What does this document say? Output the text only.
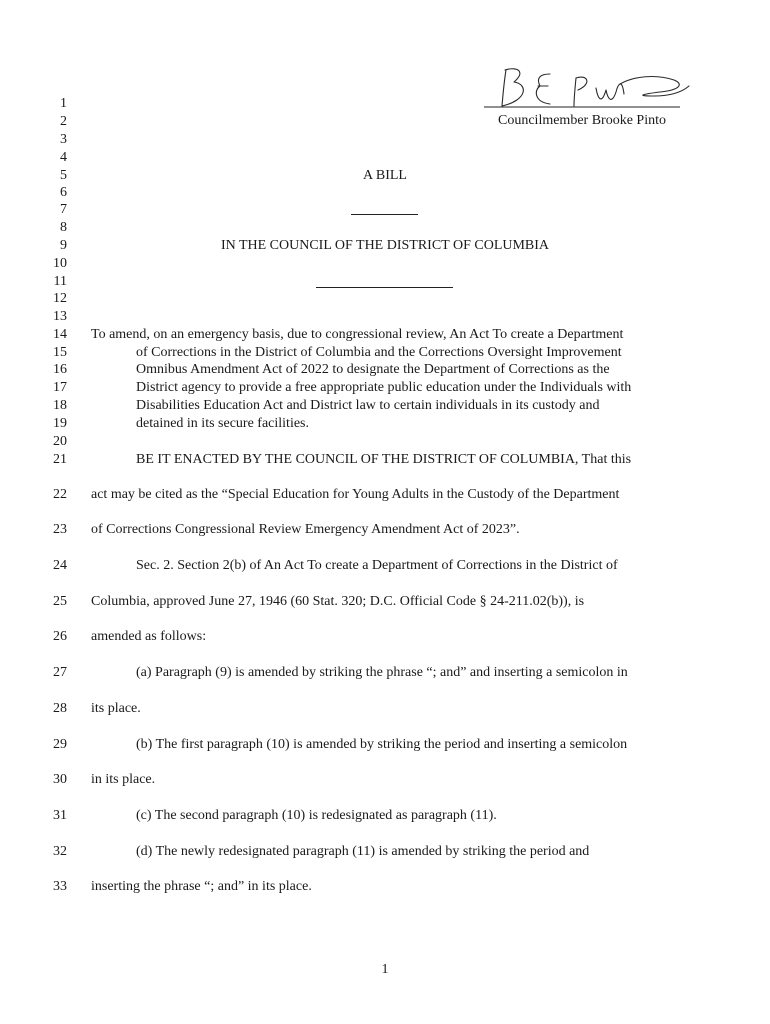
Councilmember Brooke Pinto
1
2
3
4
5
6
7
8
9
10
11
12
13
14
15
16
17
18
19
20
21
22
23
24
25
26
27
28
29
30
31
32
33
A BILL
IN THE COUNCIL OF THE DISTRICT OF COLUMBIA
To amend, on an emergency basis, due to congressional review, An Act To create a Department
of Corrections in the District of Columbia and the Corrections Oversight Improvement
Omnibus Amendment Act of 2022 to designate the Department of Corrections as the
District agency to provide a free appropriate public education under the Individuals with
Disabilities Education Act and District law to certain individuals in its custody and
detained in its secure facilities.
BE IT ENACTED BY THE COUNCIL OF THE DISTRICT OF COLUMBIA, That this
act may be cited as the “Special Education for Young Adults in the Custody of the Department
of Corrections Congressional Review Emergency Amendment Act of 2023”.
Sec. 2. Section 2(b) of An Act To create a Department of Corrections in the District of
Columbia, approved June 27, 1946 (60 Stat. 320; D.C. Official Code § 24-211.02(b)), is
amended as follows:
(a) Paragraph (9) is amended by striking the phrase “; and” and inserting a semicolon in
its place.
(b) The first paragraph (10) is amended by striking the period and inserting a semicolon
in its place.
(c) The second paragraph (10) is redesignated as paragraph (11).
(d) The newly redesignated paragraph (11) is amended by striking the period and
inserting the phrase “; and” in its place.
1
